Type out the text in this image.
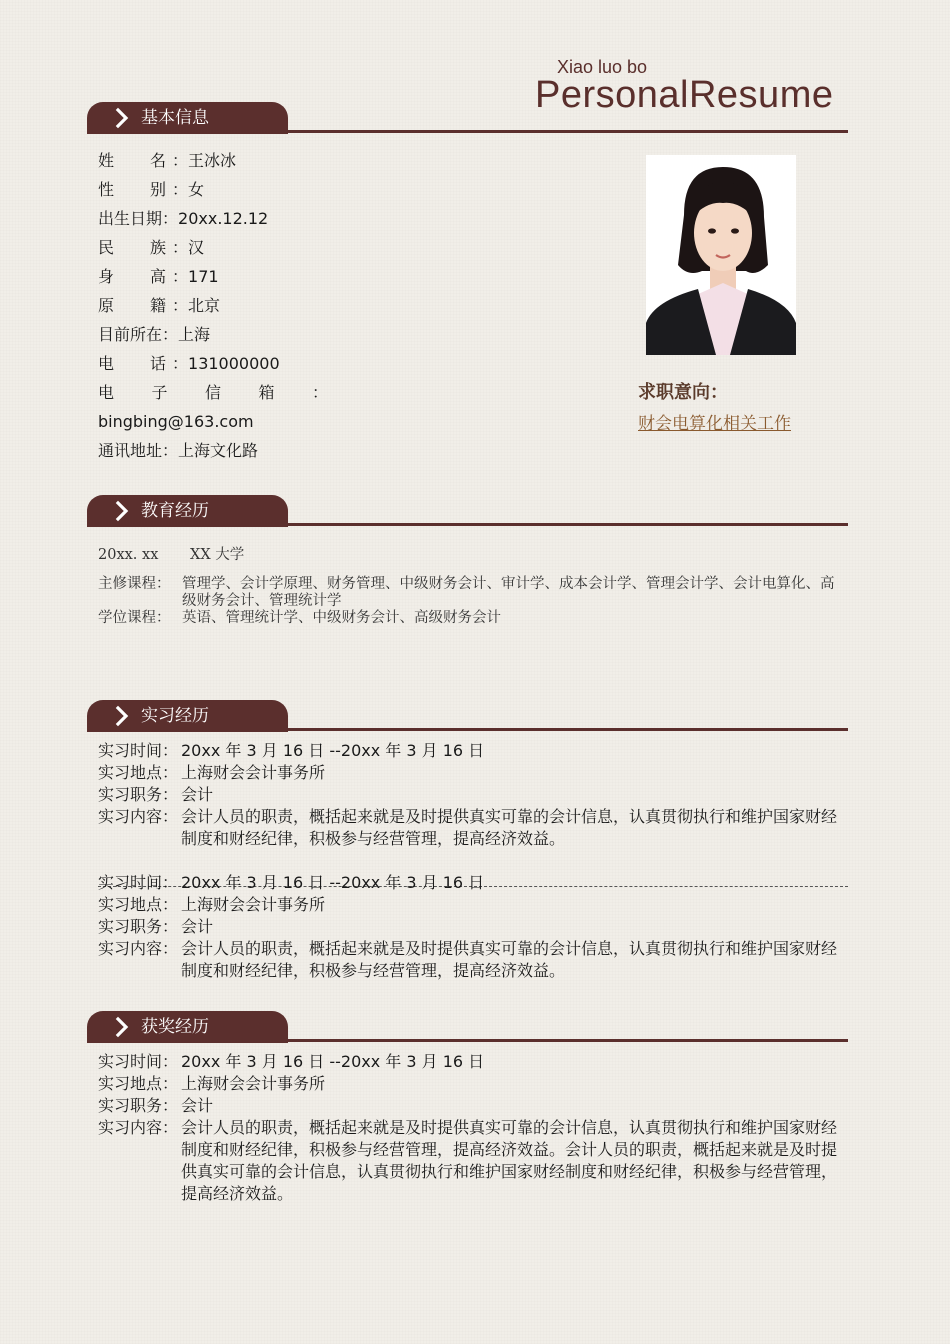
Xiao luo bo
PersonalResume
基本信息
姓 名 ：王冰冰
性 别 ：女
出生日期：20xx.12.12
民 族 ：汉
身 高 ：171
原 籍 ：北京
目前所在：上海
电 话 ：131000000
电 子 信 箱 ：
bingbing@163.com
通讯地址：上海文化路
求职意向：
财会电算化相关工作
教育经历
20xx. xx	XX 大学
主修课程： 管理学、会计学原理、财务管理、中级财务会计、审计学、成本会计学、管理会计学、会计电算化、高级财务会计、管理统计学
学位课程： 英语、管理统计学、中级财务会计、高级财务会计
实习经历
实习时间： 20xx 年 3 月 16 日 --20xx 年 3 月 16 日
实习地点： 上海财会会计事务所
实习职务： 会计
实习内容： 会计人员的职责，概括起来就是及时提供真实可靠的会计信息，认真贯彻执行和维护国家财经制度和财经纪律，积极参与经营管理，提高经济效益。
实习时间： 20xx 年 3 月 16 日 --20xx 年 3 月 16 日
实习地点： 上海财会会计事务所
实习职务： 会计
实习内容： 会计人员的职责，概括起来就是及时提供真实可靠的会计信息，认真贯彻执行和维护国家财经制度和财经纪律，积极参与经营管理，提高经济效益。
获奖经历
实习时间： 20xx 年 3 月 16 日 --20xx 年 3 月 16 日
实习地点： 上海财会会计事务所
实习职务： 会计
实习内容： 会计人员的职责，概括起来就是及时提供真实可靠的会计信息，认真贯彻执行和维护国家财经制度和财经纪律，积极参与经营管理，提高经济效益。会计人员的职责，概括起来就是及时提供真实可靠的会计信息，认真贯彻执行和维护国家财经制度和财经纪律，积极参与经营管理，提高经济效益。
